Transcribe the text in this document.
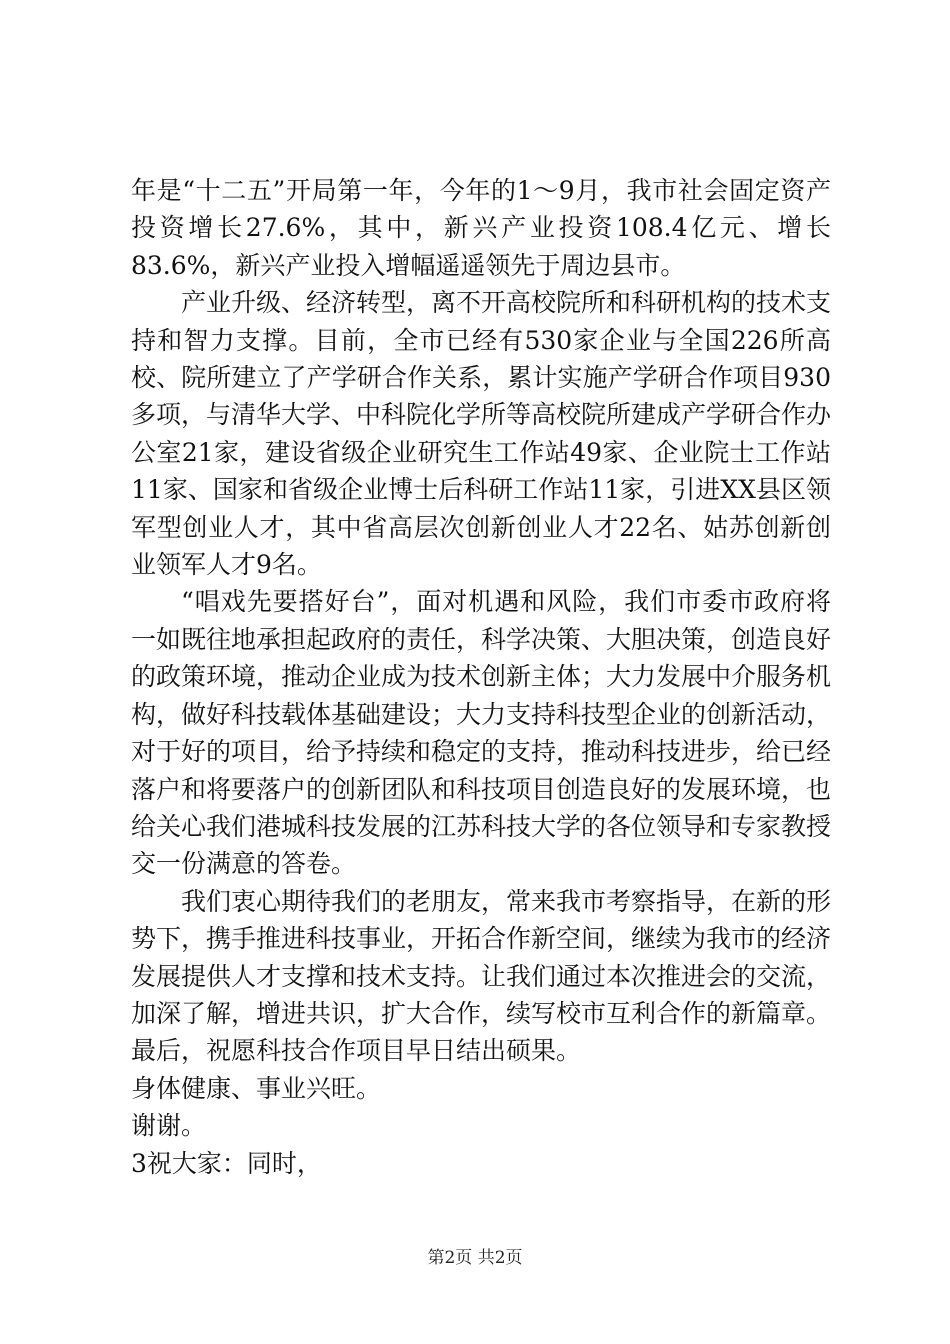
年是“十二五”开局第一年，今年的1～9月，我市社会固定资产投资增长27.6%，其中，新兴产业投资108.4亿元、增长83.6%，新兴产业投入增幅遥遥领先于周边县市。

产业升级、经济转型，离不开高校院所和科研机构的技术支持和智力支撑。目前，全市已经有530家企业与全国226所高校、院所建立了产学研合作关系，累计实施产学研合作项目930多项，与清华大学、中科院化学所等高校院所建成产学研合作办公室21家，建设省级企业研究生工作站49家、企业院士工作站11家、国家和省级企业博士后科研工作站11家，引进XX县区领军型创业人才，其中省高层次创新创业人才22名、姑苏创新创业领军人才9名。

“唱戏先要搭好台”，面对机遇和风险，我们市委市政府将一如既往地承担起政府的责任，科学决策、大胆决策，创造良好的政策环境，推动企业成为技术创新主体；大力发展中介服务机构，做好科技载体基础建设；大力支持科技型企业的创新活动，对于好的项目，给予持续和稳定的支持，推动科技进步，给已经落户和将要落户的创新团队和科技项目创造良好的发展环境，也给关心我们港城科技发展的江苏科技大学的各位领导和专家教授交一份满意的答卷。

我们衷心期待我们的老朋友，常来我市考察指导，在新的形势下，携手推进科技事业，开拓合作新空间，继续为我市的经济发展提供人才支撑和技术支持。让我们通过本次推进会的交流，加深了解，增进共识，扩大合作，续写校市互利合作的新篇章。

最后，祝愿科技合作项目早日结出硕果。

身体健康、事业兴旺。

谢谢。

3祝大家：同时，

第2页 共2页
